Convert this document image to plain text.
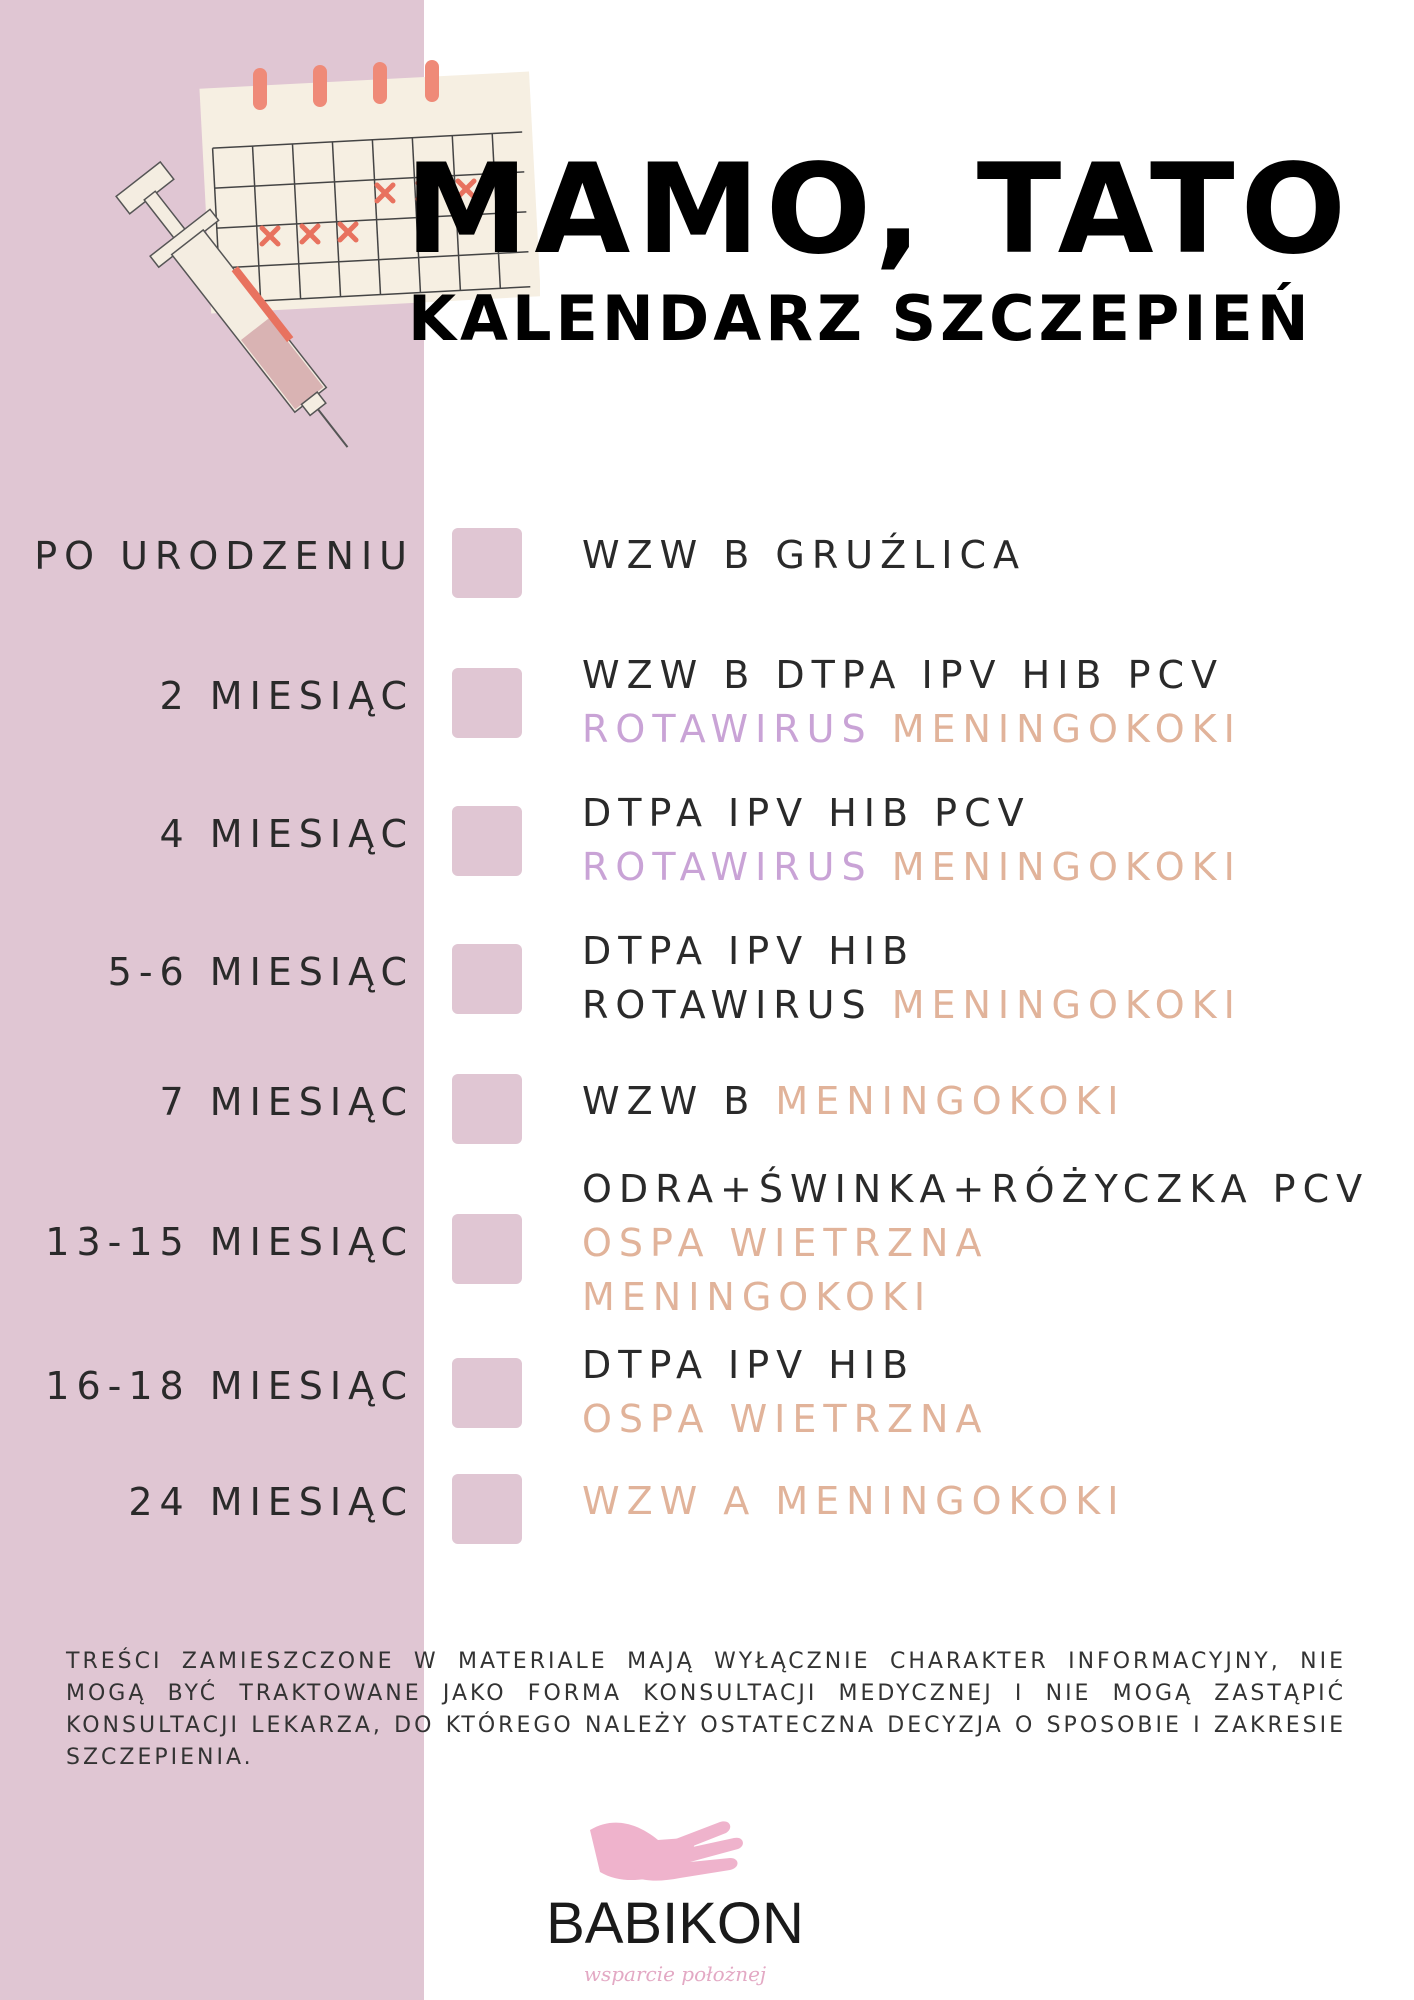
MAMO, TATO
KALENDARZ SZCZEPIEŃ
PO URODZENIU	WZW B GRUŹLICA
2 MIESIĄC	WZW B DTPA IPV HIB PCV
ROTAWIRUS MENINGOKOKI
4 MIESIĄC	DTPA IPV HIB PCV
ROTAWIRUS MENINGOKOKI
5-6 MIESIĄC	DTPA IPV HIB
ROTAWIRUS MENINGOKOKI
7 MIESIĄC	WZW B MENINGOKOKI
13-15 MIESIĄC
ODRA+ŚWINKA+RÓŻYCZKA PCV
OSPA WIETRZNA
MENINGOKOKI
16-18 MIESIĄC	DTPA IPV HIB
OSPA WIETRZNA
24 MIESIĄC	WZW A MENINGOKOKI
TREŚCI ZAMIESZCZONE W MATERIALE MAJĄ WYŁĄCZNIE CHARAKTER INFORMACYJNY, NIE MOGĄ BYĆ TRAKTOWANE JAKO FORMA KONSULTACJI MEDYCZNEJ I NIE MOGĄ ZASTĄPIĆ KONSULTACJI LEKARZA, DO KTÓREGO NALEŻY OSTATECZNA DECYZJA O SPOSOBIE I ZAKRESIE SZCZEPIENIA.
BABIKON
wsparcie położnej
